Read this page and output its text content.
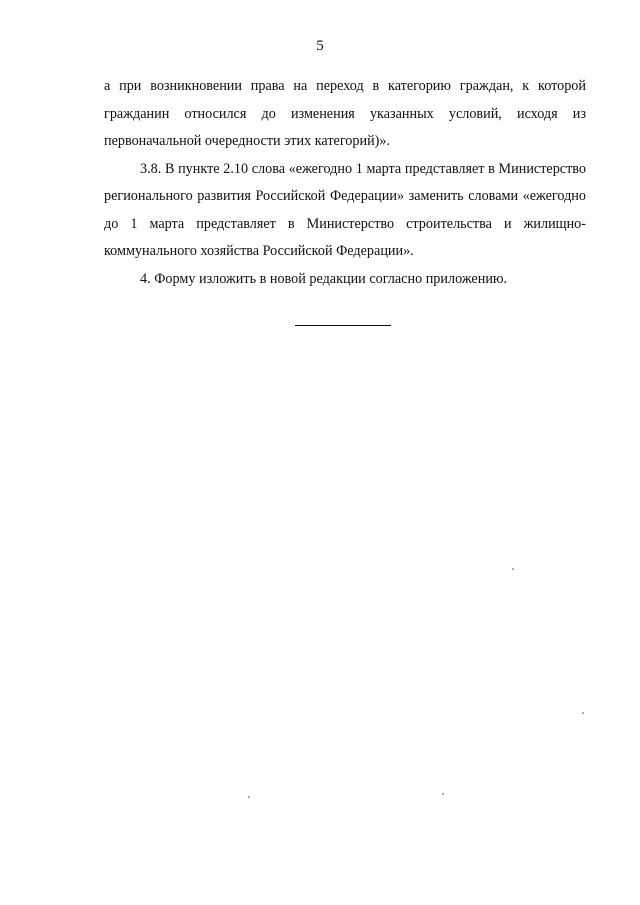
5

а при возникновении права на переход в категорию граждан, к которой гражданин относился до изменения указанных условий, исходя из первоначальной очередности этих категорий)».

3.8. В пункте 2.10 слова «ежегодно 1 марта представляет в Министерство регионального развития Российской Федерации» заменить словами «ежегодно до 1 марта представляет в Министерство строительства и жилищно-коммунального хозяйства Российской Федерации».

4. Форму изложить в новой редакции согласно приложению.
